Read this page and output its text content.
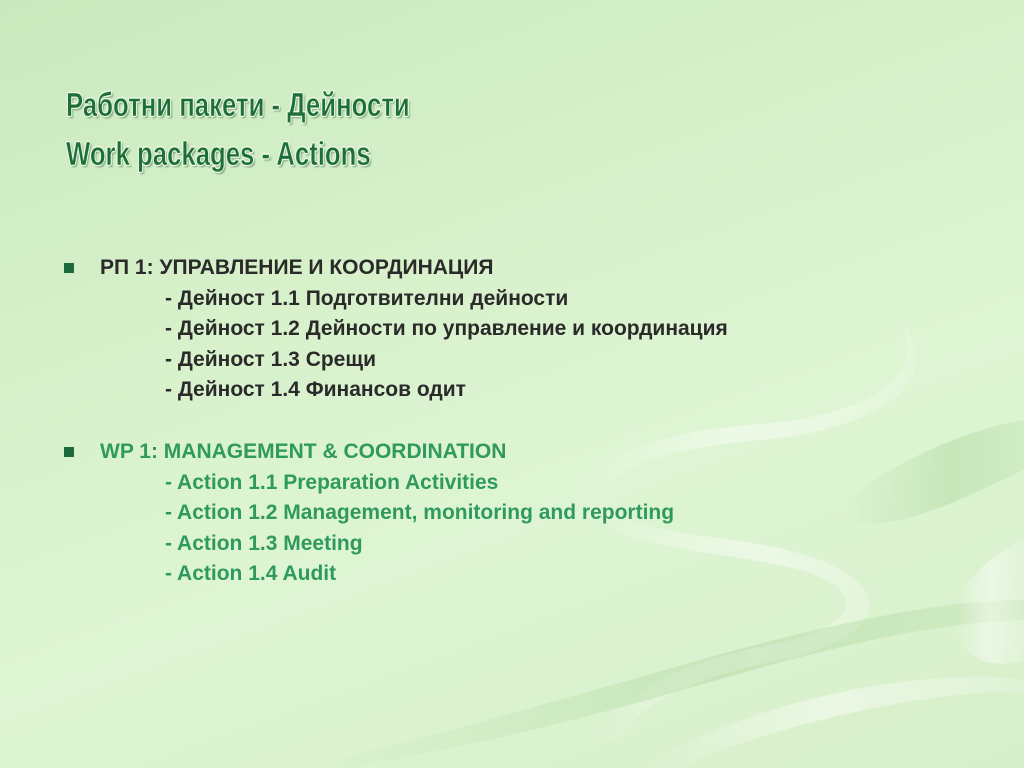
Работни пакети - Дейности
Work packages - Actions
РП 1: УПРАВЛЕНИЕ И КООРДИНАЦИЯ
- Дейност 1.1 Подготвителни дейности
- Дейност 1.2 Дейности по управление и координация
- Дейност 1.3 Срещи
- Дейност 1.4 Финансов одит
WP 1: MANAGEMENT & COORDINATION
- Action 1.1 Preparation Activities
- Action 1.2 Management, monitoring and reporting
- Action 1.3 Meeting
- Action 1.4 Audit
